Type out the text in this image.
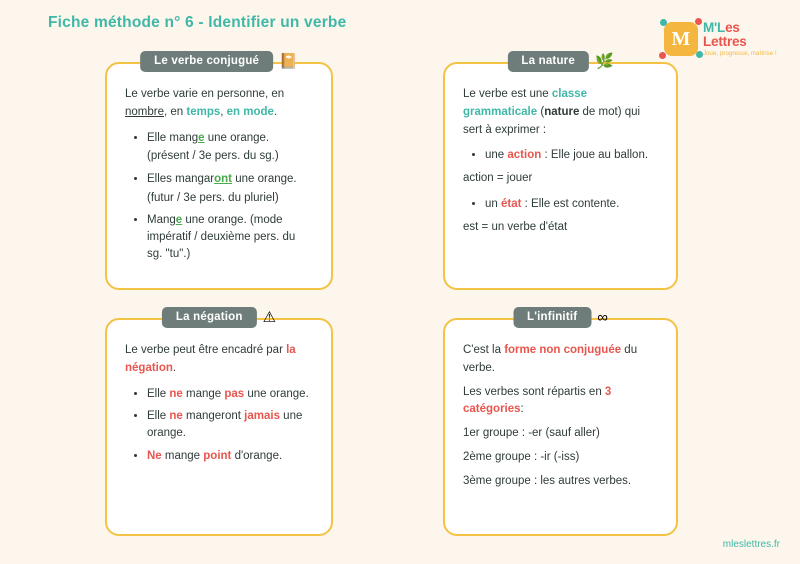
Fiche méthode n° 6 - Identifier un verbe
M
M'Les Lettres
Joue, progresse, maîtrise !
Le verbe conjugué	📔

Le verbe varie en personne, en nombre, en temps, en mode.

• Elle mange une orange.
(présent / 3e pers. du sg.)
• Elles mangaront une orange.
(futur / 3e pers. du pluriel)
• Mange une orange. (mode impératif / deuxième pers. du sg. "tu".)
La nature	🌿

Le verbe est une classe grammaticale (nature de mot) qui sert à exprimer :

• une action : Elle joue au ballon.

action = jouer

• un état : Elle est contente.

est = un verbe d'état

La négation	⚠

Le verbe peut être encadré par la négation.

• Elle ne mange pas une orange.
• Elle ne mangeront jamais une orange.
• Ne mange point d'orange.
L'infinitif	∞

C'est la forme non conjuguée du verbe.

Les verbes sont répartis en 3 catégories:

1er groupe : -er (sauf aller)

2ème groupe : -ir (-iss)

3ème groupe : les autres verbes.

mleslettres.fr
